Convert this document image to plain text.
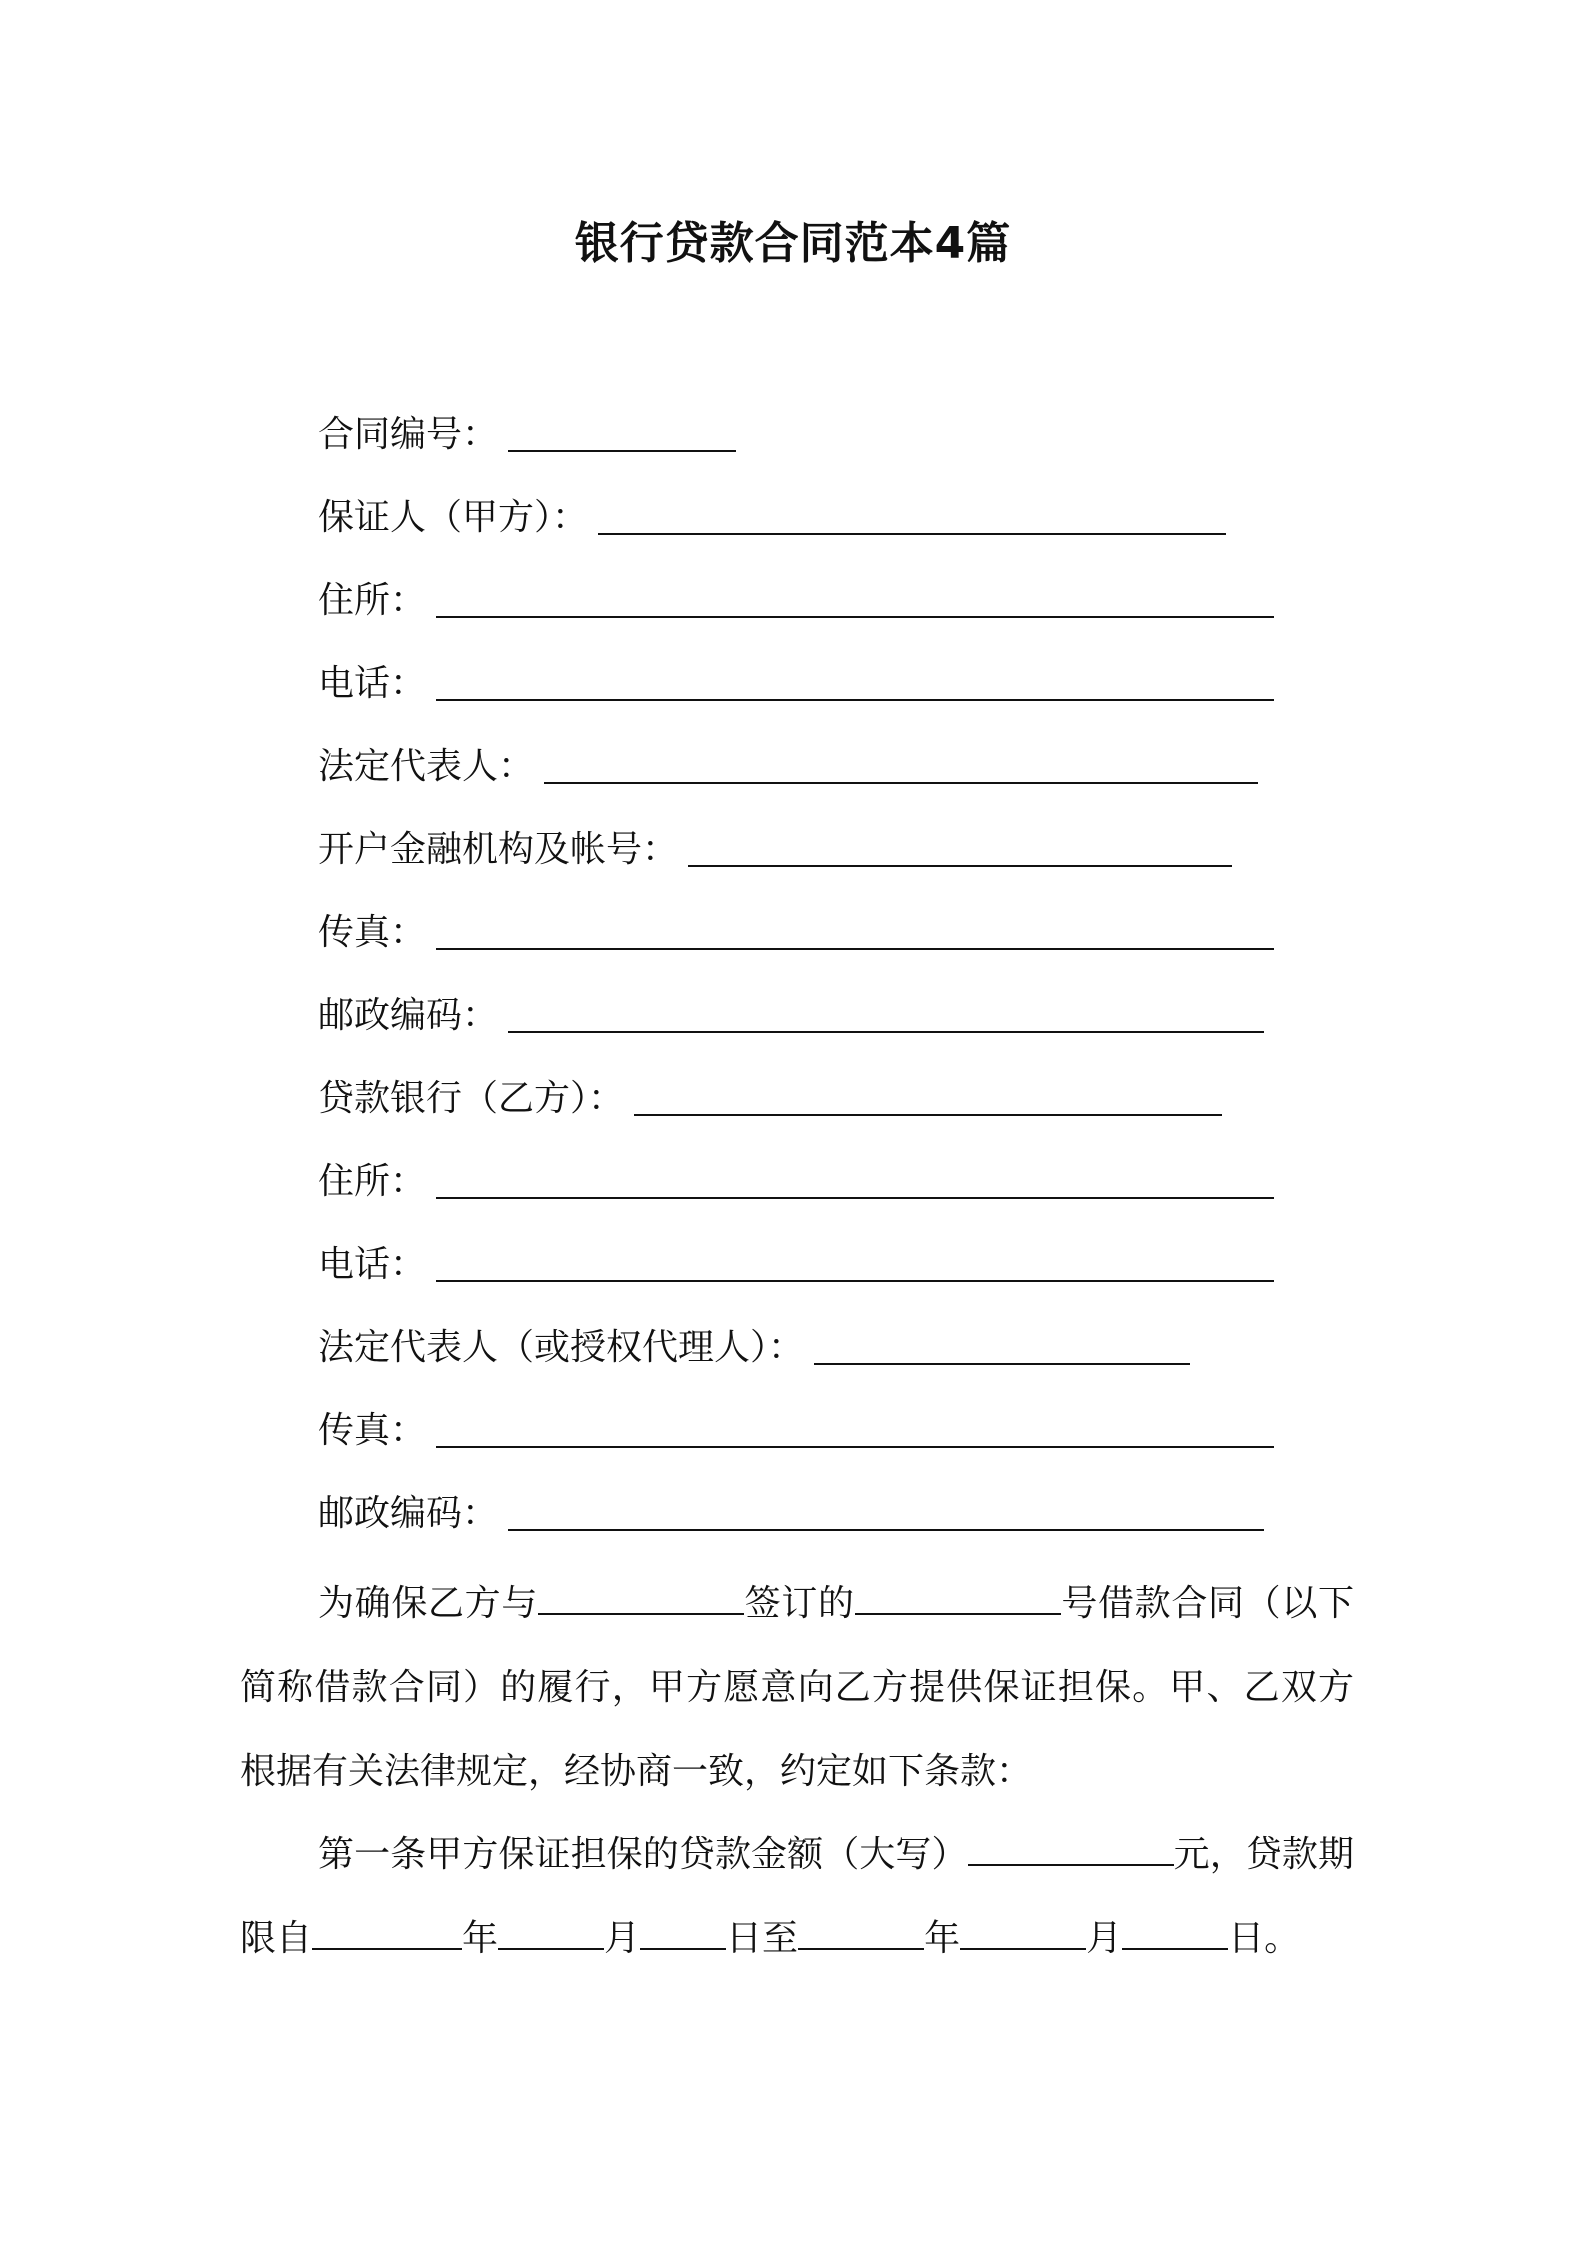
银行贷款合同范本4篇
合同编号：
保证人（甲方）：
住所：
电话：
法定代表人：
开户金融机构及帐号：
传真：
邮政编码：
贷款银行（乙方）：
住所：
电话：
法定代表人（或授权代理人）：
传真：
邮政编码：
为确保乙方与	签订的	号借款合同（以下简称借款合同）的履行，甲方愿意向乙方提供保证担保。甲、乙双方根据有关法律规定，经协商一致，约定如下条款：
第一条甲方保证担保的贷款金额（大写）	元，贷款期限自	年	月 日至	年	月	日。
